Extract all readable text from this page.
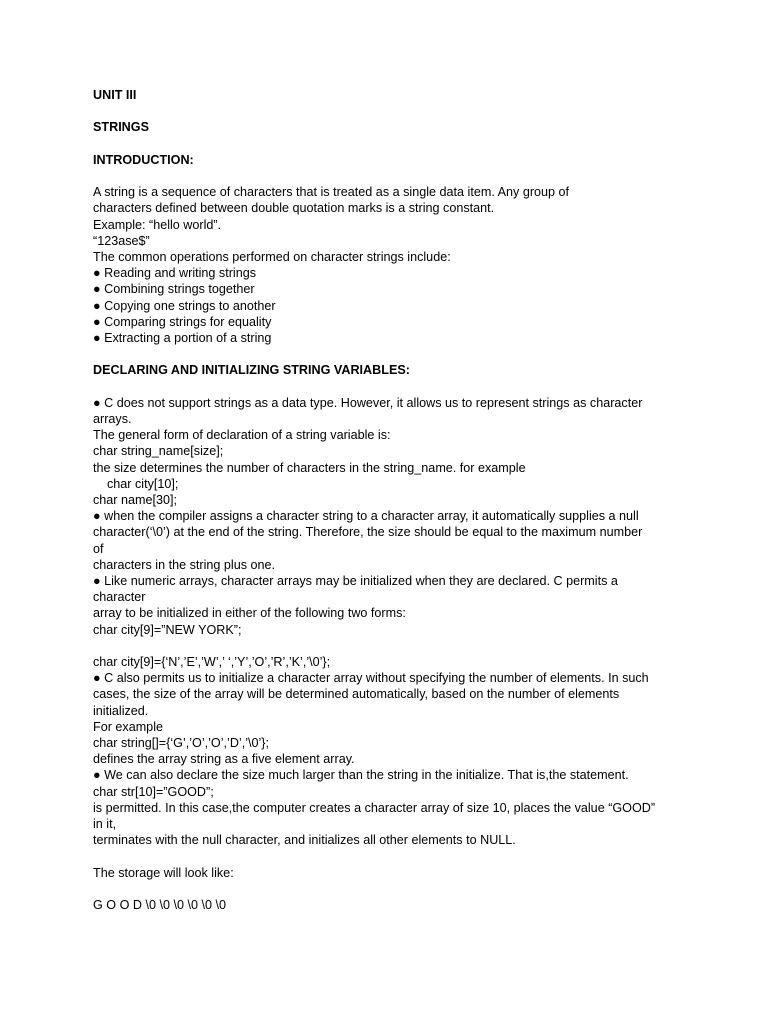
UNIT III
STRINGS
INTRODUCTION:
A string is a sequence of characters that is treated as a single data item. Any group of
characters defined between double quotation marks is a string constant.
Example: “hello world”.
“123ase$”
The common operations performed on character strings include:
● Reading and writing strings
● Combining strings together
● Copying one strings to another
● Comparing strings for equality
● Extracting a portion of a string
DECLARING AND INITIALIZING STRING VARIABLES:
● C does not support strings as a data type. However, it allows us to represent strings as character
arrays.
The general form of declaration of a string variable is:
char string_name[size];
the size determines the number of characters in the string_name. for example
char city[10];
char name[30];
● when the compiler assigns a character string to a character array, it automatically supplies a null
character(‘\0’) at the end of the string. Therefore, the size should be equal to the maximum number
of
characters in the string plus one.
● Like numeric arrays, character arrays may be initialized when they are declared. C permits a
character
array to be initialized in either of the following two forms:
char city[9]=”NEW YORK”;
char city[9]={‘N’,’E’,’W’,’ ‘,’Y’,’O’,’R’,’K’,’\0’};
● C also permits us to initialize a character array without specifying the number of elements. In such
cases, the size of the array will be determined automatically, based on the number of elements
initialized.
For example
char string[]={‘G’,’O’,’O’,’D’,’\0’};
defines the array string as a five element array.
● We can also declare the size much larger than the string in the initialize. That is,the statement.
char str[10]=”GOOD”;
is permitted. In this case,the computer creates a character array of size 10, places the value “GOOD”
in it,
terminates with the null character, and initializes all other elements to NULL.
The storage will look like:
G O O D \0 \0 \0 \0 \0 \0
